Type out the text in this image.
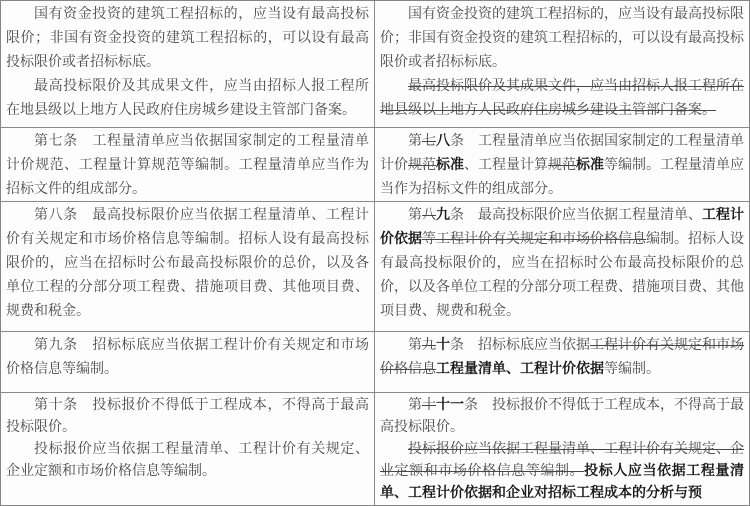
国有资金投资的建筑工程招标的，应当设有最高投标限价；非国有资金投资的建筑工程招标的，可以设有最高投标限价或者招标标底。

最高投标限价及其成果文件，应当由招标人报工程所在地县级以上地方人民政府住房城乡建设主管部门备案。

国有资金投资的建筑工程招标的，应当设有最高投标限价；非国有资金投资的建筑工程招标的，可以设有最高投标限价或者招标标底。

最高投标限价及其成果文件，应当由招标人报工程所在地县级以上地方人民政府住房城乡建设主管部门备案。

第七条　工程量清单应当依据国家制定的工程量清单计价规范、工程量计算规范等编制。工程量清单应当作为招标文件的组成部分。

第七八条　工程量清单应当依据国家制定的工程量清单计价规范标准、工程量计算规范标准等编制。工程量清单应当作为招标文件的组成部分。

第八条　最高投标限价应当依据工程量清单、工程计价有关规定和市场价格信息等编制。招标人设有最高投标限价的，应当在招标时公布最高投标限价的总价，以及各单位工程的分部分项工程费、措施项目费、其他项目费、规费和税金。

第八九条　最高投标限价应当依据工程量清单、工程计价依据等工程计价有关规定和市场价格信息编制。招标人设有最高投标限价的，应当在招标时公布最高投标限价的总价，以及各单位工程的分部分项工程费、措施项目费、其他项目费、规费和税金。

第九条　招标标底应当依据工程计价有关规定和市场价格信息等编制。

第九十条　招标标底应当依据工程计价有关规定和市场价格信息工程量清单、工程计价依据等编制。

第十条　投标报价不得低于工程成本，不得高于最高投标限价。

投标报价应当依据工程量清单、工程计价有关规定、企业定额和市场价格信息等编制。

第十十一条　投标报价不得低于工程成本，不得高于最高投标限价。

投标报价应当依据工程量清单、工程计价有关规定、企业定额和市场价格信息等编制。投标人应当依据工程量清单、工程计价依据和企业对招标工程成本的分析与预
